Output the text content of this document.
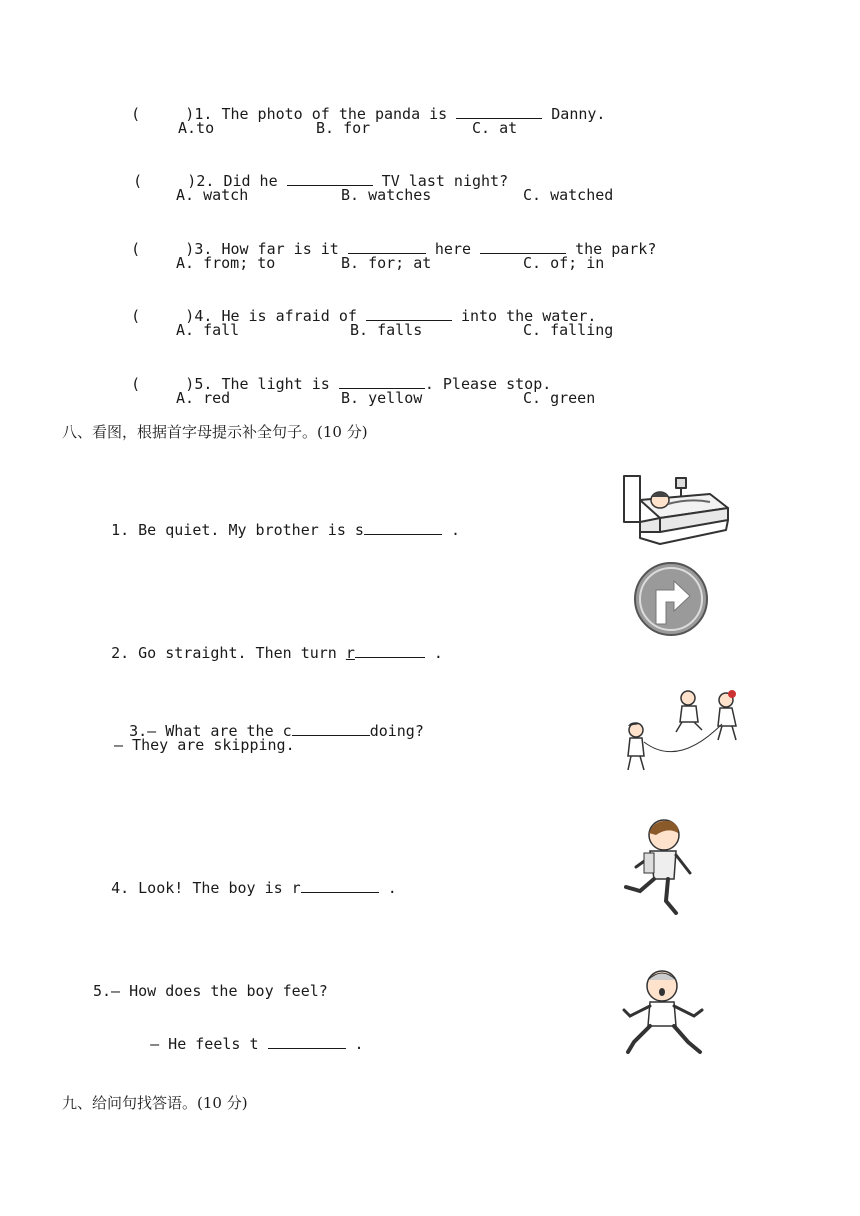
(     )1. The photo of the panda is	Danny.

A.to	B. for	C. at

(     )2. Did he	TV last night?

A. watch	B. watches	C. watched

(     )3. How far is it	here	the park?

A. from; to	B. for; at	C. of; in

(     )4. He is afraid of	into the water.

A. fall	B. falls	C. falling

(     )5. The light is	. Please stop.

A. red	B. yellow	C. green
八、看图，根据首字母提示补全句子。(10 分)

1. Be quiet. My brother is s	.

2. Go straight. Then turn r	.

3.— What are the c	doing?

— They are skipping.

4. Look! The boy is r	.

5.— How does the boy feel?

— He feels t	.

九、给问句找答语。(10 分)
